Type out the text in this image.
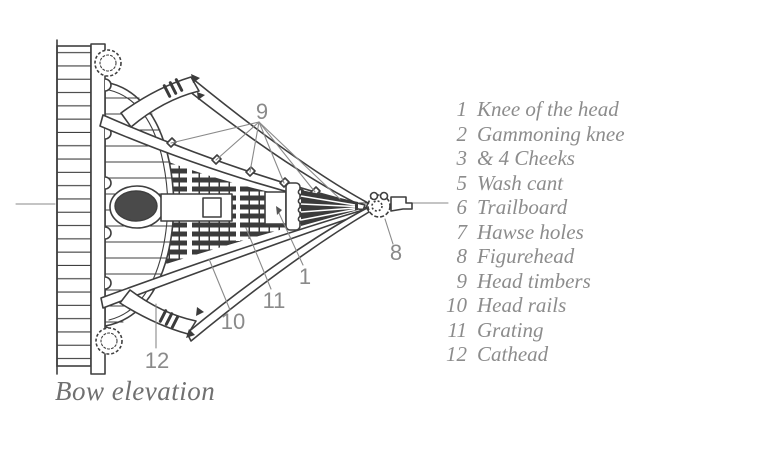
9
8
1
11
10
12
1 Knee of the head
2 Gammoning knee
3 & 4 Cheeks
5 Wash cant
6 Trailboard
7 Hawse holes
8 Figurehead
9 Head timbers
10 Head rails
11 Grating
12 Cathead
Bow elevation
